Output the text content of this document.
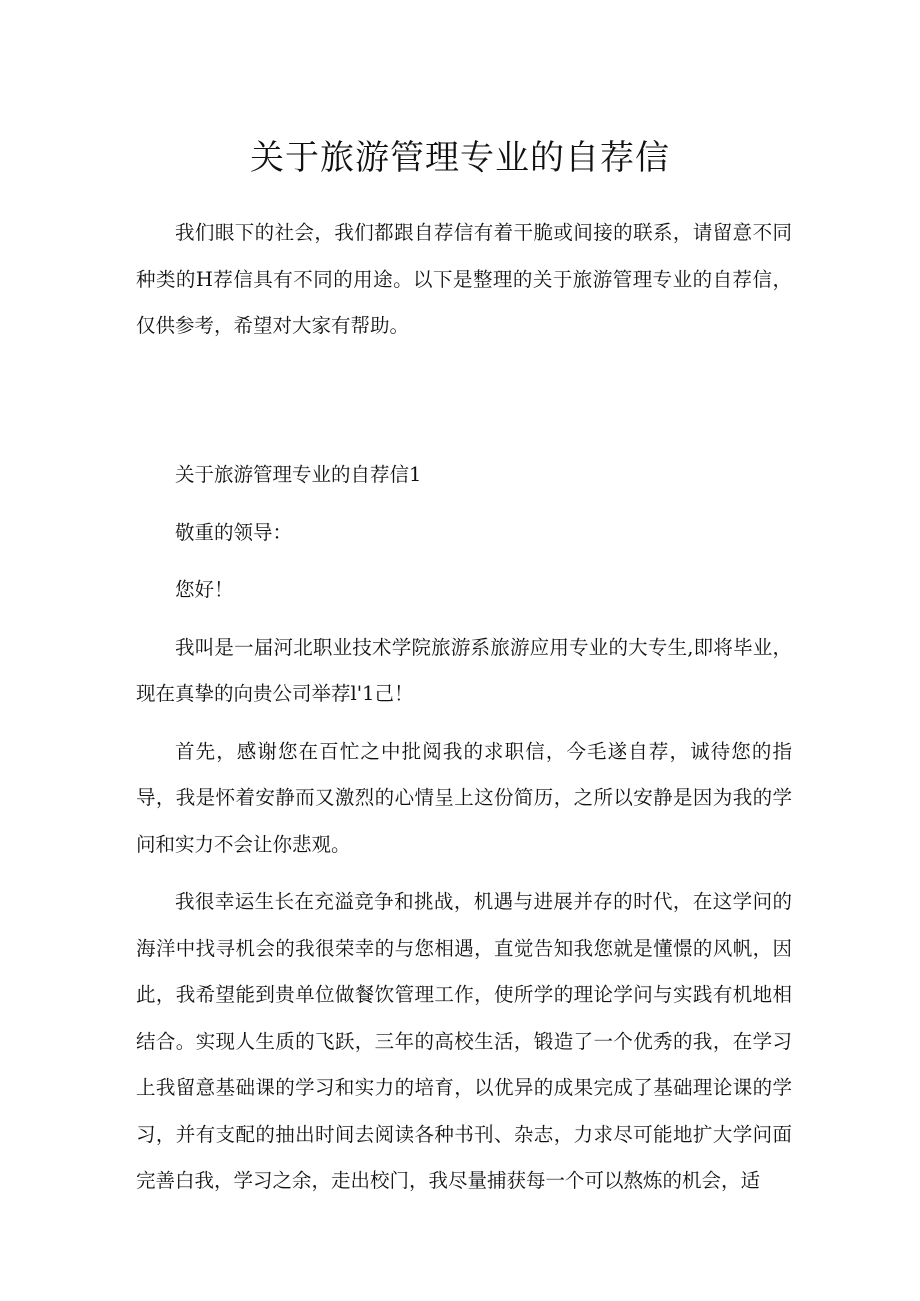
关于旅游管理专业的自荐信

我们眼下的社会，我们都跟自荐信有着干脆或间接的联系，请留意不同种类的H荐信具有不同的用途。以下是整理的关于旅游管理专业的自荐信，仅供参考，希望对大家有帮助。

关于旅游管理专业的自荐信1

敬重的领导：

您好！

我叫是一届河北职业技术学院旅游系旅游应用专业的大专生,即将毕业，现在真挚的向贵公司举荐l'1己！

首先，感谢您在百忙之中批阅我的求职信，今毛遂自荐，诚待您的指导，我是怀着安静而又激烈的心情呈上这份简历，之所以安静是因为我的学问和实力不会让你悲观。

我很幸运生长在充溢竞争和挑战，机遇与进展并存的时代，在这学问的海洋中找寻机会的我很荣幸的与您相遇，直觉告知我您就是懂憬的风帆，因此，我希望能到贵单位做餐饮管理工作，使所学的理论学问与实践有机地相结合。实现人生质的飞跃，三年的高校生活，锻造了一个优秀的我，在学习上我留意基础课的学习和实力的培育，以优异的成果完成了基础理论课的学习，并有支配的抽出时间去阅读各种书刊、杂志，力求尽可能地扩大学问面完善白我，学习之余，走出校门，我尽量捕获每一个可以熬炼的机会，适
